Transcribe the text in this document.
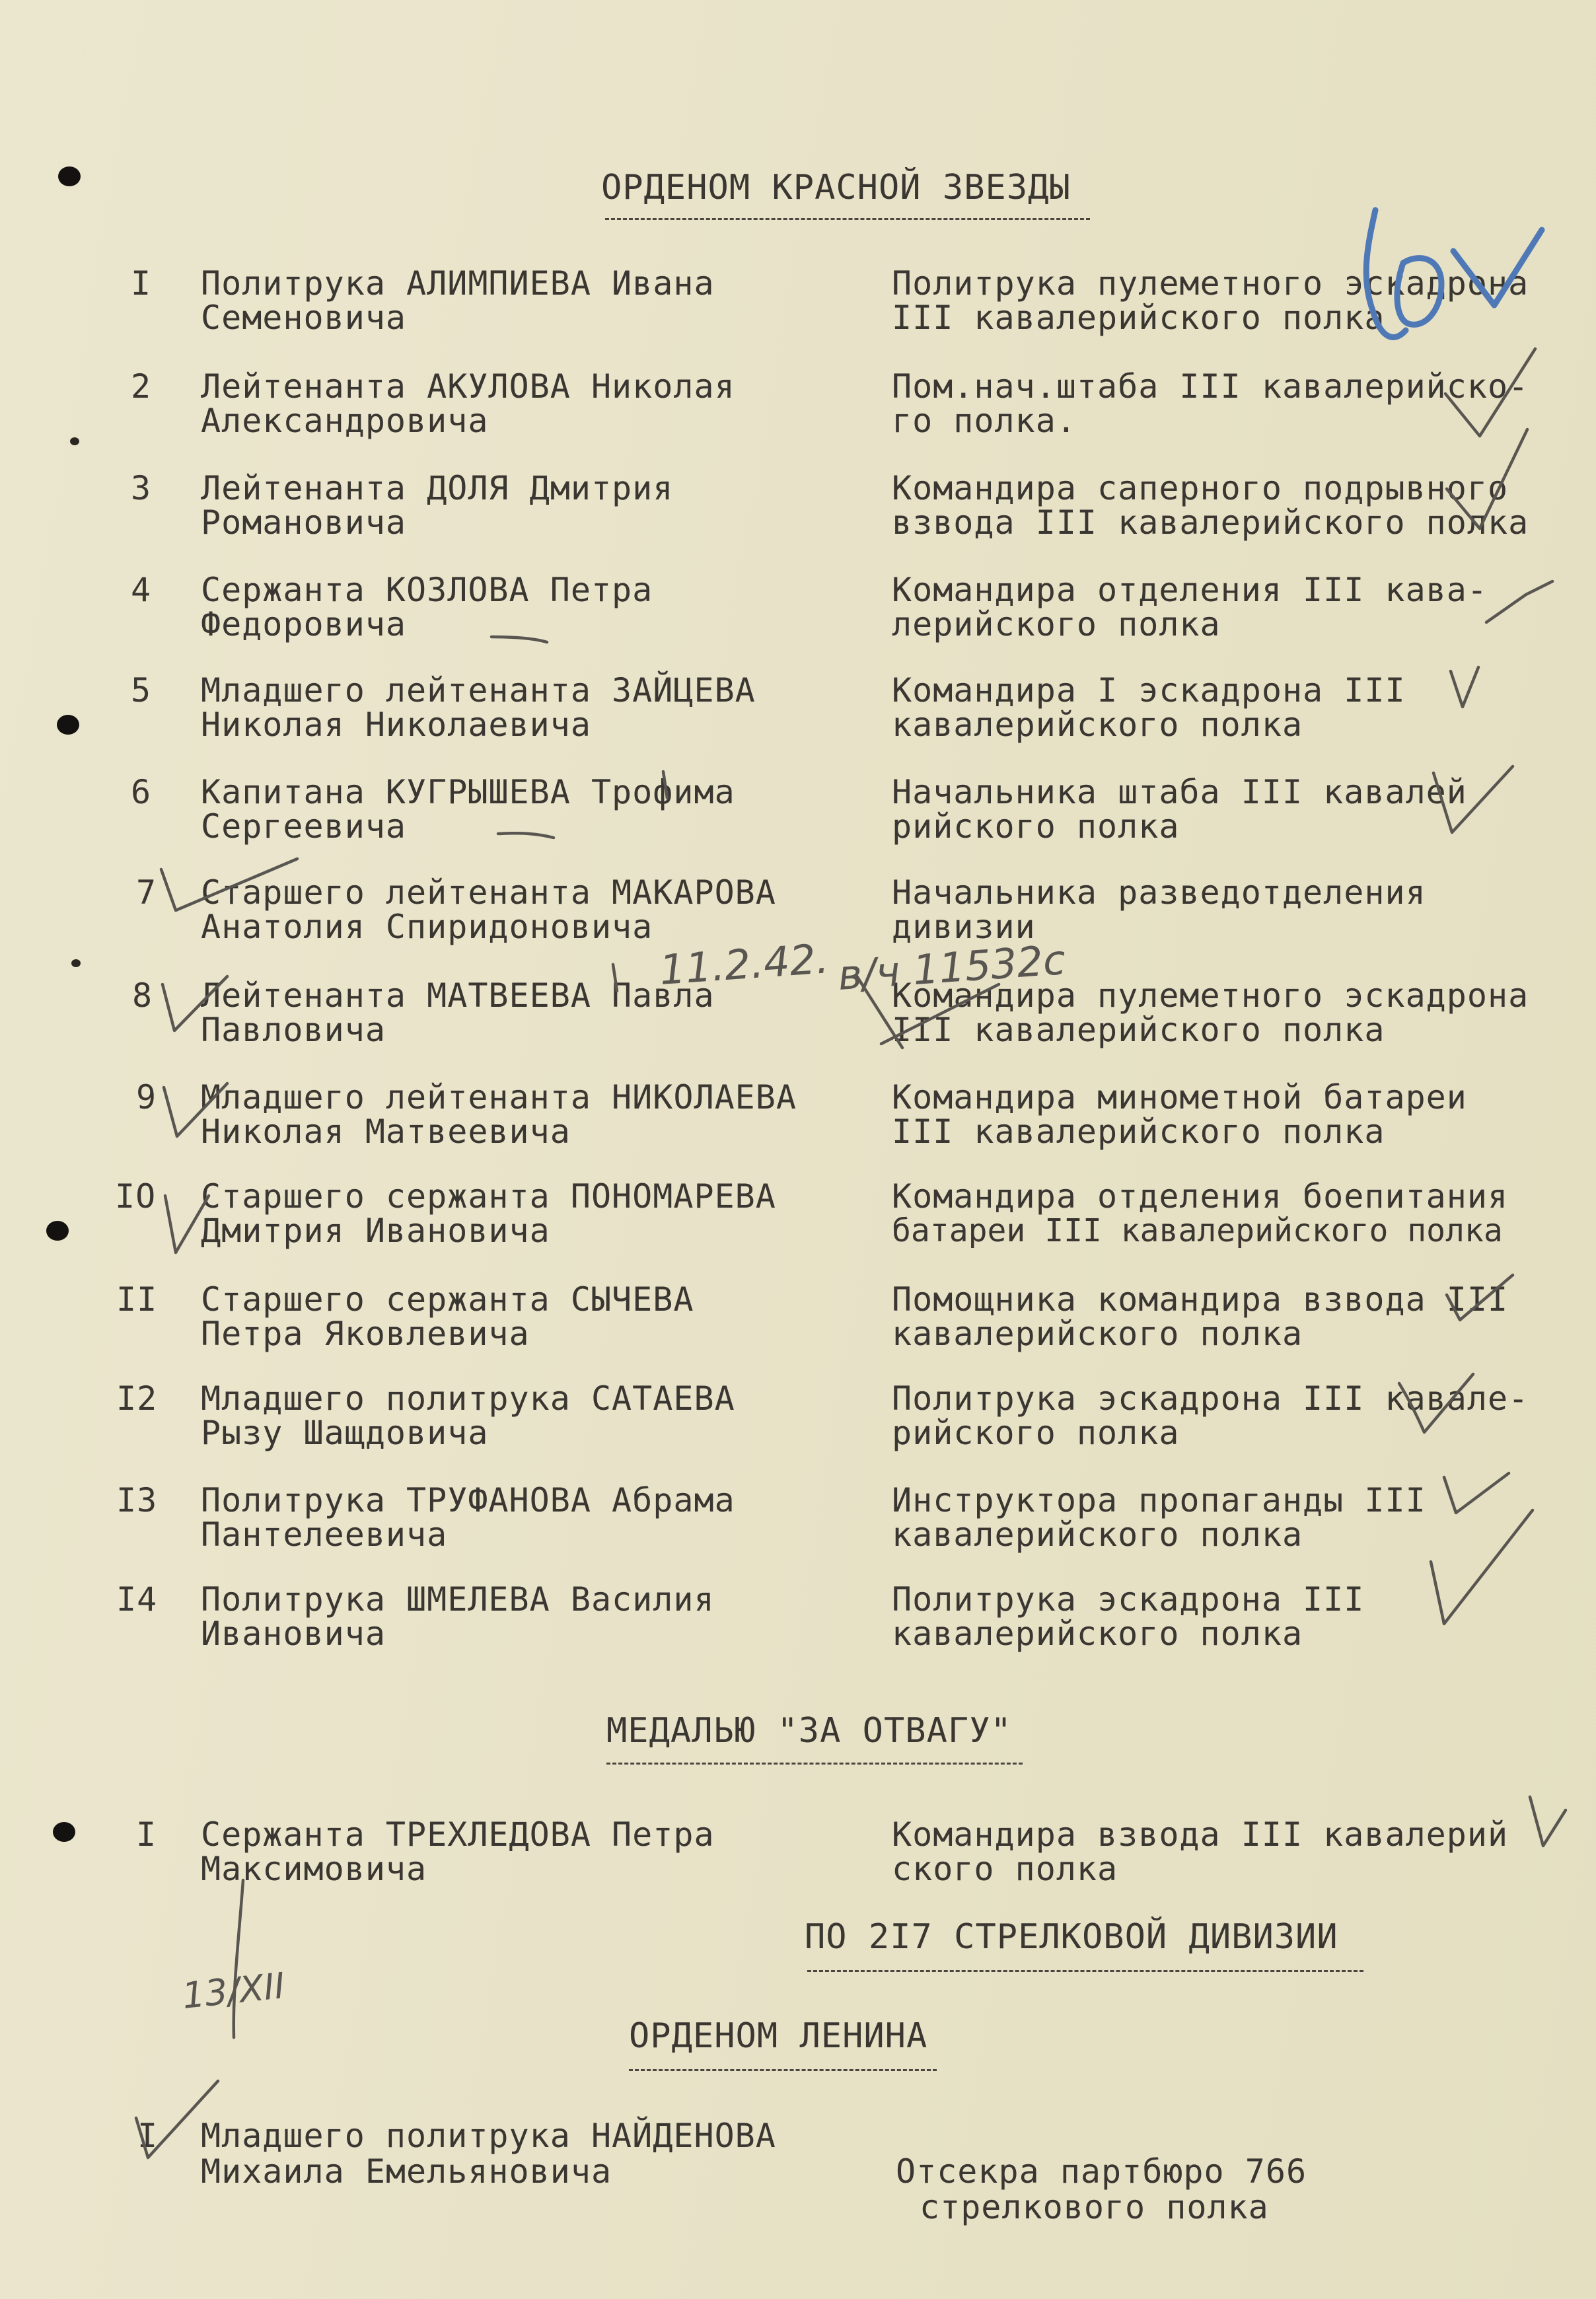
ОРДЕНОМ КРАСНОЙ ЗВЕЗДЫ
I Политрука АЛИМПИЕВА Ивана
Семеновича
Политрука пулеметного эскадрона
III кавалерийского полка
2 Лейтенанта АКУЛОВА Николая
Александровича
Пом.нач.штаба III кавалерийско-
го полка.
3 Лейтенанта ДОЛЯ Дмитрия
Романовича
Командира саперного подрывного
взвода III кавалерийского полка
4 Сержанта КОЗЛОВА Петра
Федоровича
Командира отделения III кава-
лерийского полка
5 Младшего лейтенанта ЗАЙЦЕВА
Николая Николаевича
Командира I эскадрона III
кавалерийского полка
6 Капитана КУГРЫШЕВА Трофима
Сергеевича
Начальника штаба III кавалей
рийского полка
7 Старшего лейтенанта МАКАРОВА
Анатолия Спиридоновича
Начальника разведотделения
дивизии
8 Лейтенанта МАТВЕЕВА Павла
Павловича
Командира пулеметного эскадрона
III кавалерийского полка
9 Младшего лейтенанта НИКОЛАЕВА
Николая Матвеевича
Командира минометной батареи
III кавалерийского полка
IO Старшего сержанта ПОНОМАРЕВА
Дмитрия Ивановича
Командира отделения боепитания
батареи III кавалерийского полка
II Старшего сержанта СЫЧЕВА
Петра Яковлевича
Помощника командира взвода III
кавалерийского полка
I2 Младшего политрука САТАЕВА
Рызу Шащдовича
Политрука эскадрона III кавале-
рийского полка
I3 Политрука ТРУФАНОВА Абрама
Пантелеевича
Инструктора пропаганды III
кавалерийского полка
I4 Политрука ШМЕЛЕВА Василия
Ивановича
Политрука эскадрона III
кавалерийского полка
МЕДАЛЬЮ "ЗА ОТВАГУ"
I Сержанта ТРЕХЛЕДОВА Петра
Максимовича
Командира взвода III кавалерий
ского полка
ПО 2I7 СТРЕЛКОВОЙ ДИВИЗИИ
ОРДЕНОМ ЛЕНИНА
I Младшего политрука НАЙДЕНОВА
Михаила Емельяновича	Отсекра партбюро 766
стрелкового полка
11.2.42. в/ч 11532с
13/XII
